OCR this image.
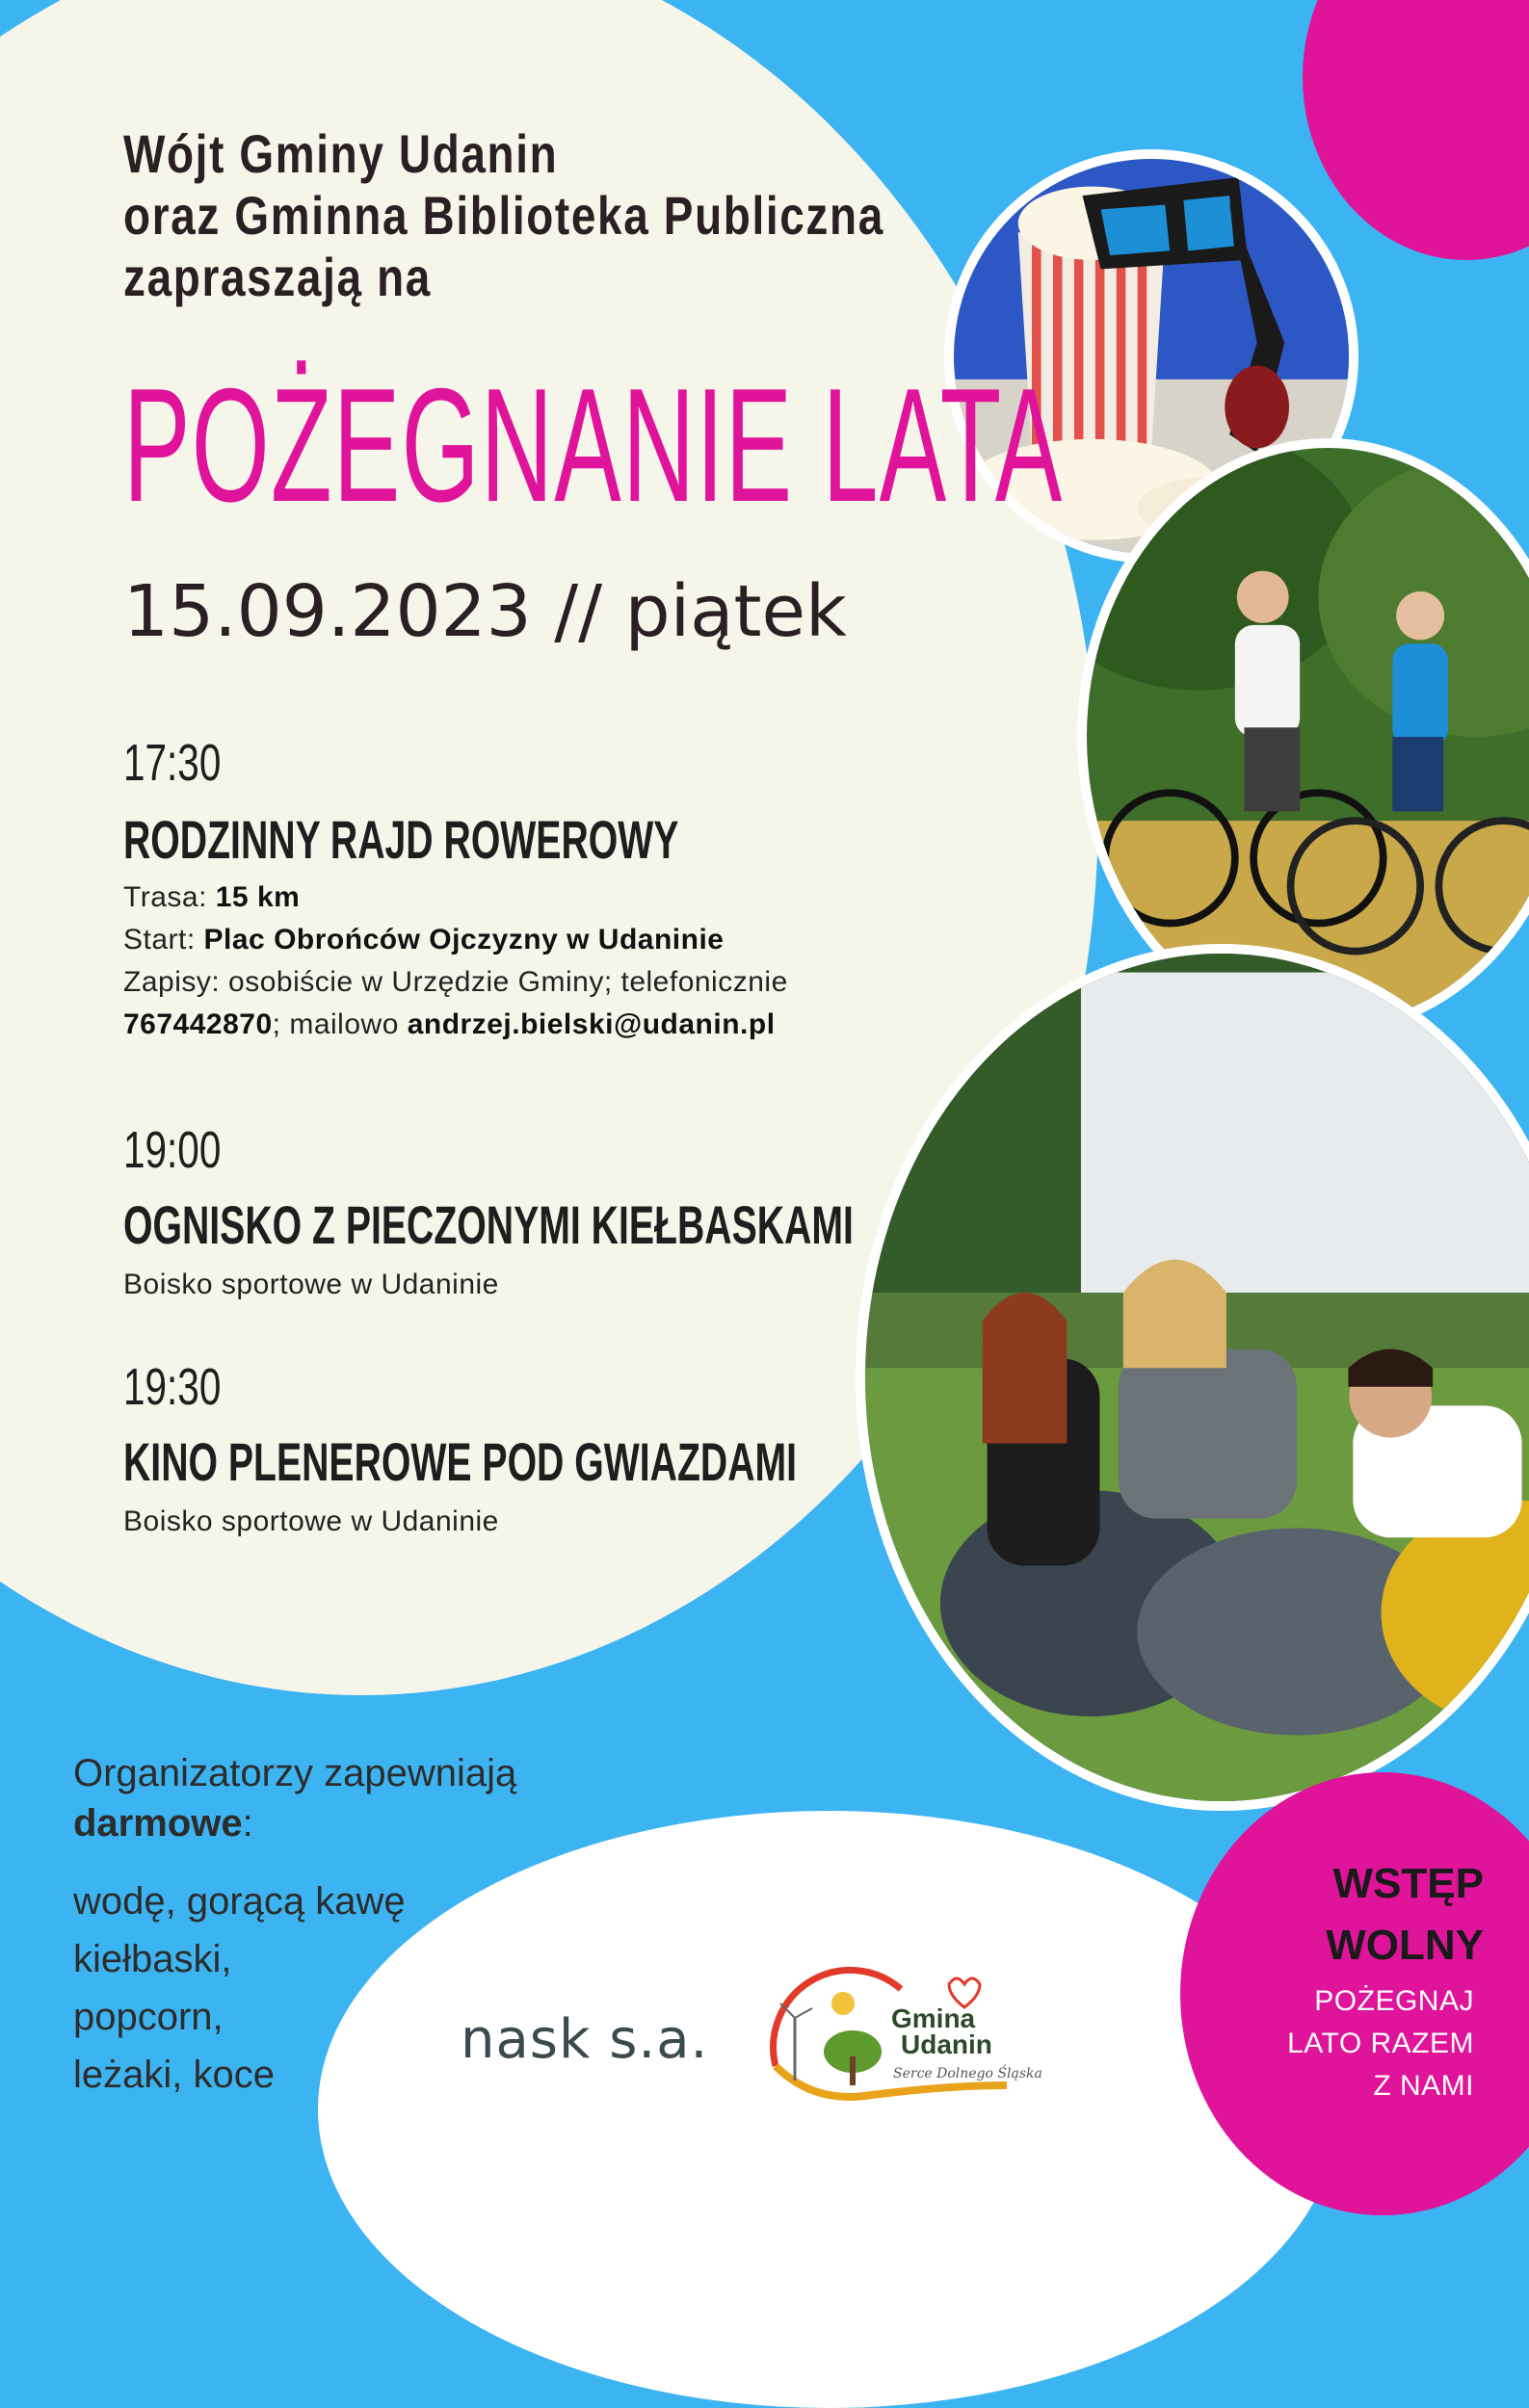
Wójt Gminy Udanin
oraz Gminna Biblioteka Publiczna
zapraszają na
POŻEGNANIE LATA
15.09.2023 // piątek
17:30
RODZINNY RAJD ROWEROWY
Trasa: 15 km
Start: Plac Obrońców Ojczyzny w Udaninie
Zapisy: osobiście w Urzędzie Gminy; telefonicznie
767442870; mailowo andrzej.bielski@udanin.pl
19:00
OGNISKO Z PIECZONYMI KIEŁBASKAMI
Boisko sportowe w Udaninie
19:30
KINO PLENEROWE POD GWIAZDAMI
Boisko sportowe w Udaninie
Organizatorzy zapewniają
darmowe:
wodę, gorącą kawę
kiełbaski,
popcorn,
leżaki, koce
nask s.a.	Gmina
Udanin
Serce Dolnego Śląska
WSTĘP
WOLNY
POŻEGNAJ
LATO RAZEM
Z NAMI
